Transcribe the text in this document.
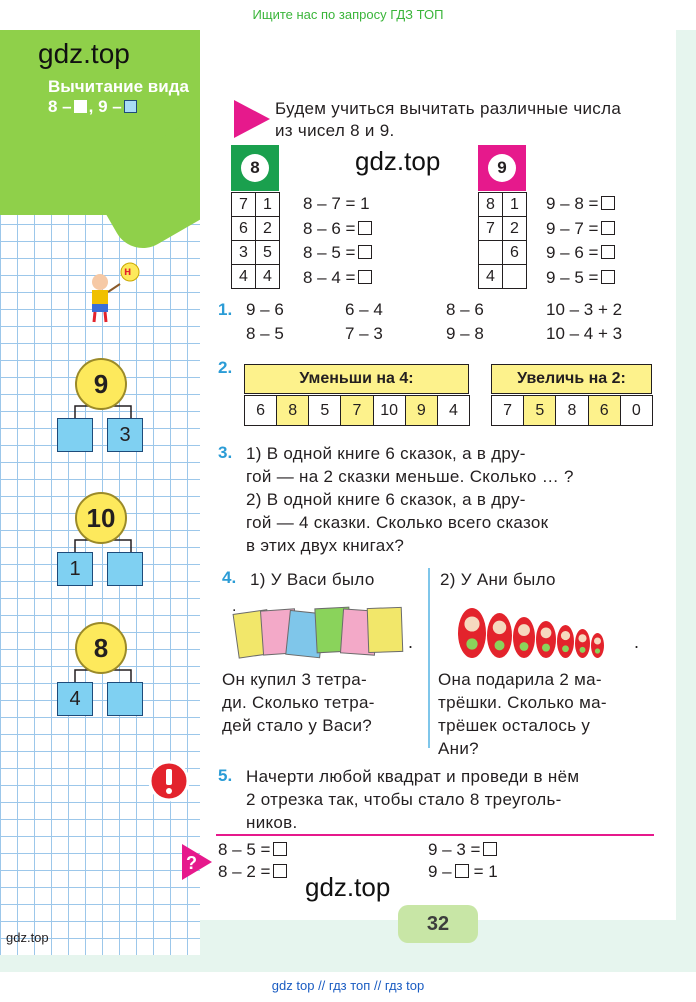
Ищите нас по запросу ГДЗ ТОП
gdz.top
Вычитание вида
8 – , 9 –	Будем учиться вычитать различные числа
из чисел 8 и 9.
8
7	1
6	2
3	5
4	4
8 – 7 = 1
8 – 6 =
8 – 5 =
8 – 4 =
gdz.top	9
8	1
7	2
	6
4	
9 – 8 =
9 – 7 =
9 – 6 =
9 – 5 =
1. 9 – 6	6 – 4	8 – 6	10 – 3 + 2
8 – 5	7 – 3	9 – 8	10 – 4 + 3
2.
Уменьши на 4:
6	8	5	7	10	9	4
Увеличь на 2:
7	5	8	6	0
3. 1) В одной книге 6 сказок, а в дру-
гой — на 2 сказки меньше. Сколько … ?
2) В одной книге 6 сказок, а в дру-
гой — 4 сказки. Сколько всего сказок
в этих двух книгах?
4. 1) У Васи было	2) У Ани было
.
.	.
Он купил 3 тетра-
ди. Сколько тетра-
дей стало у Васи?
Она подарила 2 ма-
трёшки. Сколько ма-
трёшек осталось у
Ани?
5. Начерти любой квадрат и проведи в нём
2 отрезка так, чтобы стало 8 треуголь-
ников.
?
8 – 5 =
8 – 2 =
9 – 3 =
9 – = 1
gdz.top
32
gdz.top
н
9
3
10
1
8
4
gdz top // гдз топ // гдз top
